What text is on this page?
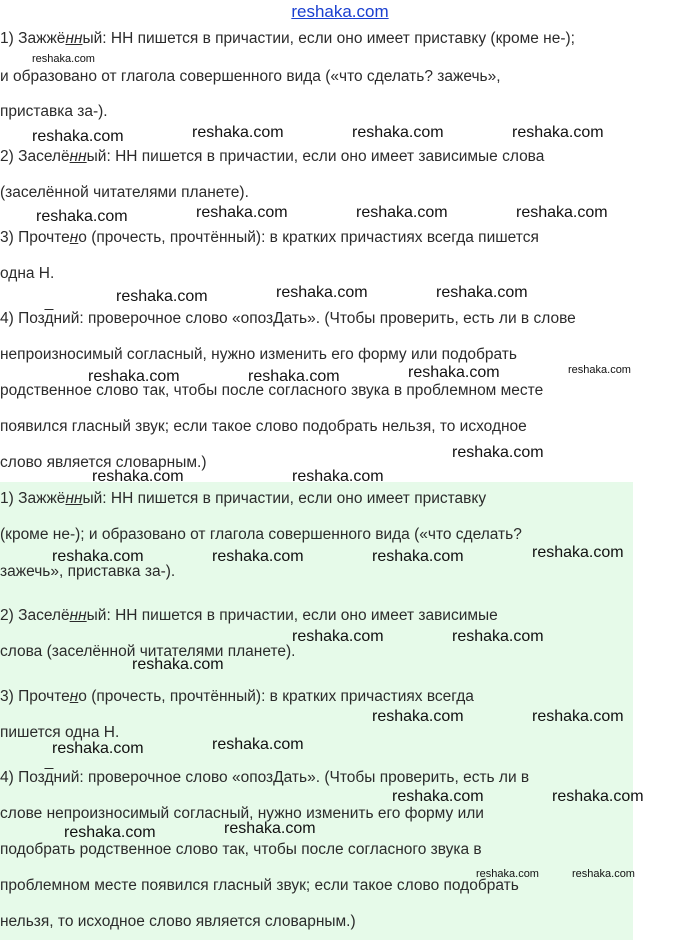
reshaka.com
1) Зажжённый: НН пишется в причастии, если оно имеет приставку (кроме не-);
и образовано от глагола совершенного вида («что сделать? зажечь»,
приставка за-).
2) Заселённый: НН пишется в причастии, если оно имеет зависимые слова
(заселённой читателями планете).
3) Прочтено (прочесть, прочтённый): в кратких причастиях всегда пишется
одна Н.
4) Поздний: проверочное слово «опозДать». (Чтобы проверить, есть ли в слове
непроизносимый согласный, нужно изменить его форму или подобрать
родственное слово так, чтобы после согласного звука в проблемном месте
появился гласный звук; если такое слово подобрать нельзя, то исходное
слово является словарным.)
1) Зажжённый: НН пишется в причастии, если оно имеет приставку
(кроме не-); и образовано от глагола совершенного вида («что сделать?
зажечь», приставка за-).
2) Заселённый: НН пишется в причастии, если оно имеет зависимые
слова (заселённой читателями планете).
3) Прочтено (прочесть, прочтённый): в кратких причастиях всегда
пишется одна Н.
4) Поздний: проверочное слово «опозДать». (Чтобы проверить, есть ли в
слове непроизносимый согласный, нужно изменить его форму или
подобрать родственное слово так, чтобы после согласного звука в
проблемном месте появился гласный звук; если такое слово подобрать
нельзя, то исходное слово является словарным.)
reshaka.com
reshaka.com	reshaka.com	reshaka.com	reshaka.com
reshaka.com	reshaka.com	reshaka.com	reshaka.com
reshaka.com	reshaka.com	reshaka.com
reshaka.com	reshaka.com	reshaka.com	reshaka.com
reshaka.com
reshaka.com	reshaka.com
reshaka.com	reshaka.com	reshaka.com	reshaka.com
reshaka.com	reshaka.com
reshaka.com
reshaka.com	reshaka.com
reshaka.com	reshaka.com
reshaka.com	reshaka.com
reshaka.com	reshaka.com
reshaka.com	reshaka.com
